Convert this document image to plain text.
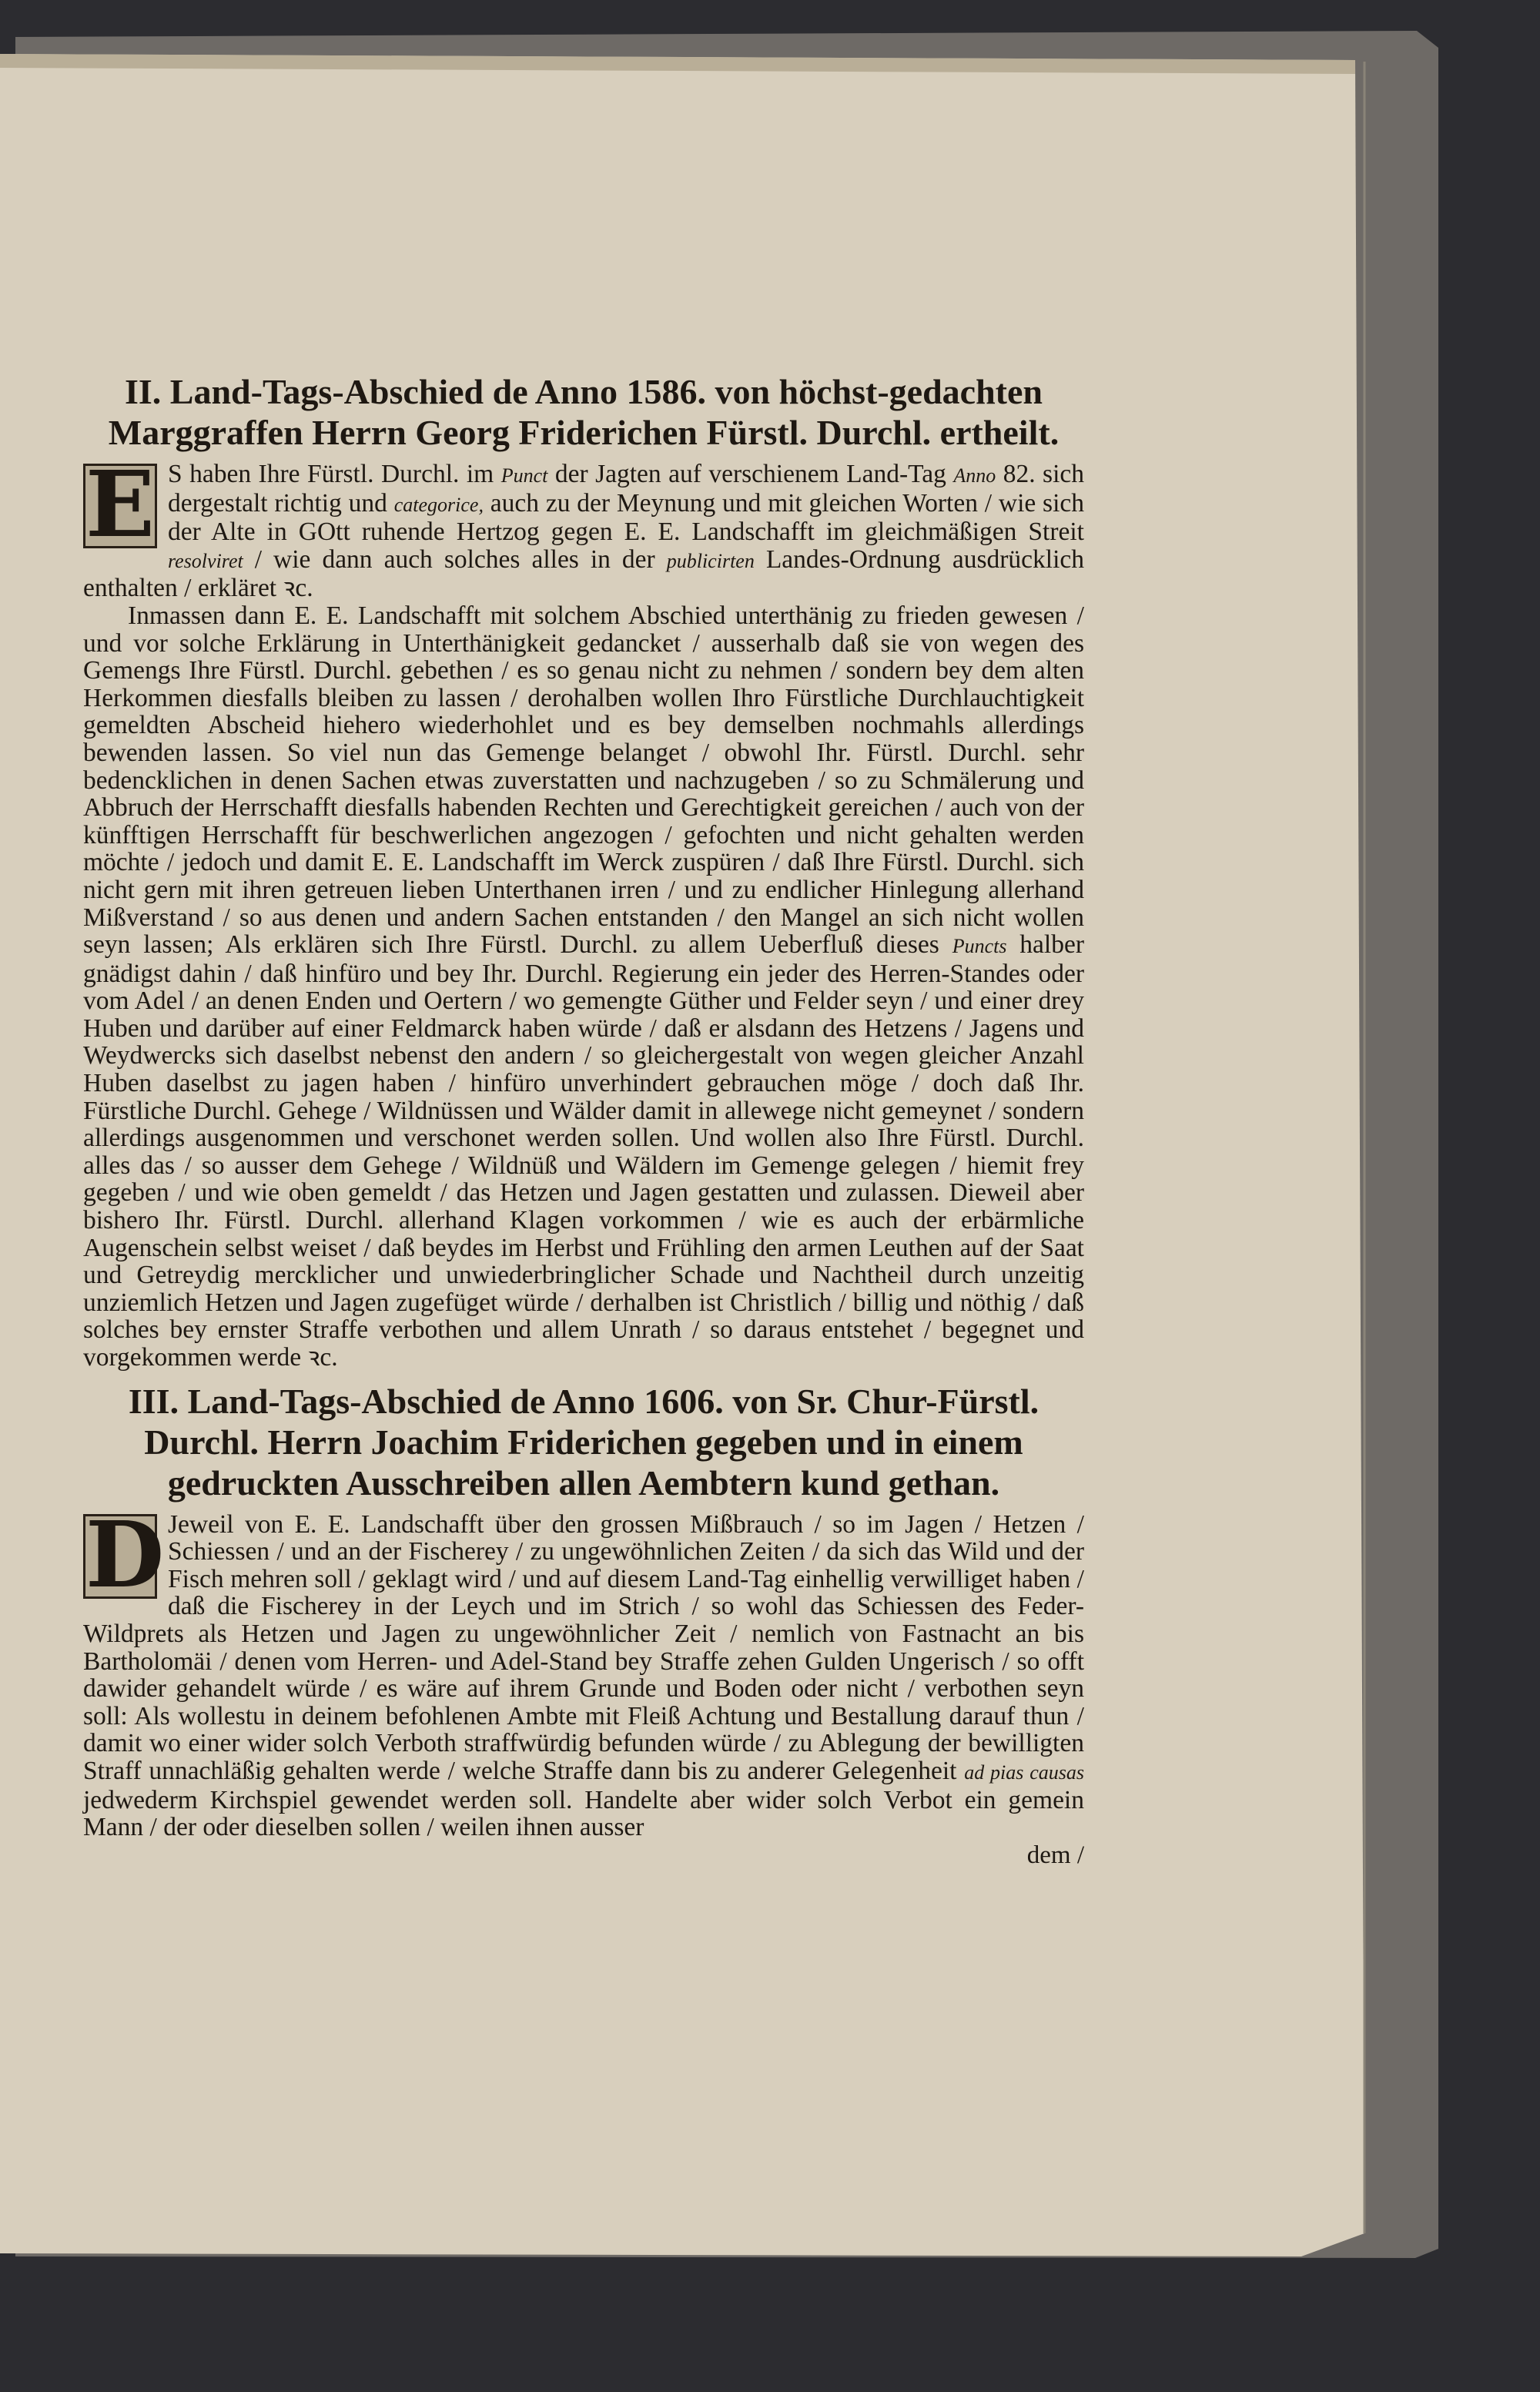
II. Land-Tags-Abschied de Anno 1586. von höchst-gedachten Marggraffen Herrn Georg Friderichen Fürstl. Durchl. ertheilt.

E S haben Ihre Fürstl. Durchl. im Punct der Jagten auf verschienem Land-Tag Anno 82. sich dergestalt richtig und categorice, auch zu der Meynung und mit gleichen Worten / wie sich der Alte in GOtt ruhende Hertzog gegen E. E. Landschafft im gleichmäßigen Streit resolviret / wie dann auch solches alles in der publicirten Landes-Ordnung ausdrücklich enthalten / erkläret ꝛc.

Inmassen dann E. E. Landschafft mit solchem Abschied unterthänig zu frieden gewesen / und vor solche Erklärung in Unterthänigkeit gedancket / ausserhalb daß sie von wegen des Gemengs Ihre Fürstl. Durchl. gebethen / es so genau nicht zu nehmen / sondern bey dem alten Herkommen diesfalls bleiben zu lassen / derohalben wollen Ihro Fürstliche Durchlauchtigkeit gemeldten Abscheid hiehero wiederhohlet und es bey demselben nochmahls allerdings bewenden lassen. So viel nun das Gemenge belanget / obwohl Ihr. Fürstl. Durchl. sehr bedencklichen in denen Sachen etwas zuverstatten und nachzugeben / so zu Schmälerung und Abbruch der Herrschafft diesfalls habenden Rechten und Gerechtigkeit gereichen / auch von der künfftigen Herrschafft für beschwerlichen angezogen / gefochten und nicht gehalten werden möchte / jedoch und damit E. E. Landschafft im Werck zuspüren / daß Ihre Fürstl. Durchl. sich nicht gern mit ihren getreuen lieben Unterthanen irren / und zu endlicher Hinlegung allerhand Mißverstand / so aus denen und andern Sachen entstanden / den Mangel an sich nicht wollen seyn lassen; Als erklären sich Ihre Fürstl. Durchl. zu allem Ueberfluß dieses Puncts halber gnädigst dahin / daß hinfüro und bey Ihr. Durchl. Regierung ein jeder des Herren-Standes oder vom Adel / an denen Enden und Oertern / wo gemengte Güther und Felder seyn / und einer drey Huben und darüber auf einer Feldmarck haben würde / daß er alsdann des Hetzens / Jagens und Weydwercks sich daselbst nebenst den andern / so gleichergestalt von wegen gleicher Anzahl Huben daselbst zu jagen haben / hinfüro unverhindert gebrauchen möge / doch daß Ihr. Fürstliche Durchl. Gehege / Wildnüssen und Wälder damit in allewege nicht gemeynet / sondern allerdings ausgenommen und verschonet werden sollen. Und wollen also Ihre Fürstl. Durchl. alles das / so ausser dem Gehege / Wildnüß und Wäldern im Gemenge gelegen / hiemit frey gegeben / und wie oben gemeldt / das Hetzen und Jagen gestatten und zulassen. Dieweil aber bishero Ihr. Fürstl. Durchl. allerhand Klagen vorkommen / wie es auch der erbärmliche Augenschein selbst weiset / daß beydes im Herbst und Frühling den armen Leuthen auf der Saat und Getreydig mercklicher und unwiederbringlicher Schade und Nachtheil durch unzeitig unziemlich Hetzen und Jagen zugefüget würde / derhalben ist Christlich / billig und nöthig / daß solches bey ernster Straffe verbothen und allem Unrath / so daraus entstehet / begegnet und vorgekommen werde ꝛc.

III. Land-Tags-Abschied de Anno 1606. von Sr. Chur-Fürstl. Durchl. Herrn Joachim Friderichen gegeben und in einem gedruckten Ausschreiben allen Aembtern kund gethan.

D Jeweil von E. E. Landschafft über den grossen Mißbrauch / so im Jagen / Hetzen / Schiessen / und an der Fischerey / zu ungewöhnlichen Zeiten / da sich das Wild und der Fisch mehren soll / geklagt wird / und auf diesem Land-Tag einhellig verwilliget haben / daß die Fischerey in der Leych und im Strich / so wohl das Schiessen des Feder-Wildprets als Hetzen und Jagen zu ungewöhnlicher Zeit / nemlich von Fastnacht an bis Bartholomäi / denen vom Herren- und Adel-Stand bey Straffe zehen Gulden Ungerisch / so offt dawider gehandelt würde / es wäre auf ihrem Grunde und Boden oder nicht / verbothen seyn soll: Als wollestu in deinem befohlenen Ambte mit Fleiß Achtung und Bestallung darauf thun / damit wo einer wider solch Verboth straffwürdig befunden würde / zu Ablegung der bewilligten Straff unnachläßig gehalten werde / welche Straffe dann bis zu anderer Gelegenheit ad pias causas jedwederm Kirchspiel gewendet werden soll. Handelte aber wider solch Verbot ein gemein Mann / der oder dieselben sollen / weilen ihnen ausser

dem /
